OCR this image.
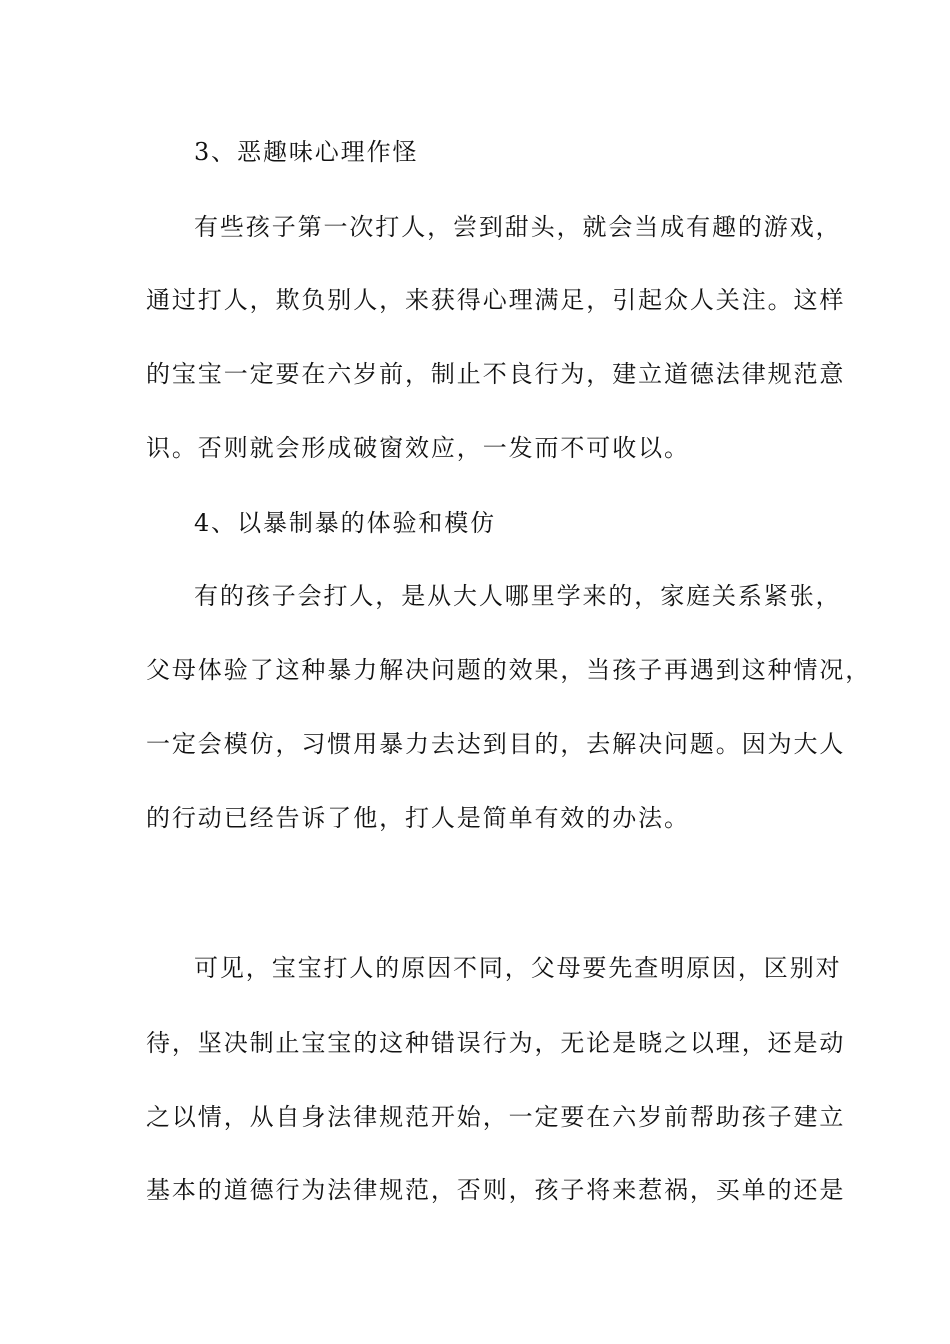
3、恶趣味心理作怪
有些孩子第一次打人，尝到甜头，就会当成有趣的游戏，
通过打人，欺负别人，来获得心理满足，引起众人关注。这样
的宝宝一定要在六岁前，制止不良行为，建立道德法律规范意
识。否则就会形成破窗效应，一发而不可收以。
4、以暴制暴的体验和模仿
有的孩子会打人，是从大人哪里学来的，家庭关系紧张，
父母体验了这种暴力解决问题的效果，当孩子再遇到这种情况，
一定会模仿，习惯用暴力去达到目的，去解决问题。因为大人
的行动已经告诉了他，打人是简单有效的办法。
可见，宝宝打人的原因不同，父母要先查明原因，区别对
待，坚决制止宝宝的这种错误行为，无论是晓之以理，还是动
之以情，从自身法律规范开始，一定要在六岁前帮助孩子建立
基本的道德行为法律规范，否则，孩子将来惹祸，买单的还是
